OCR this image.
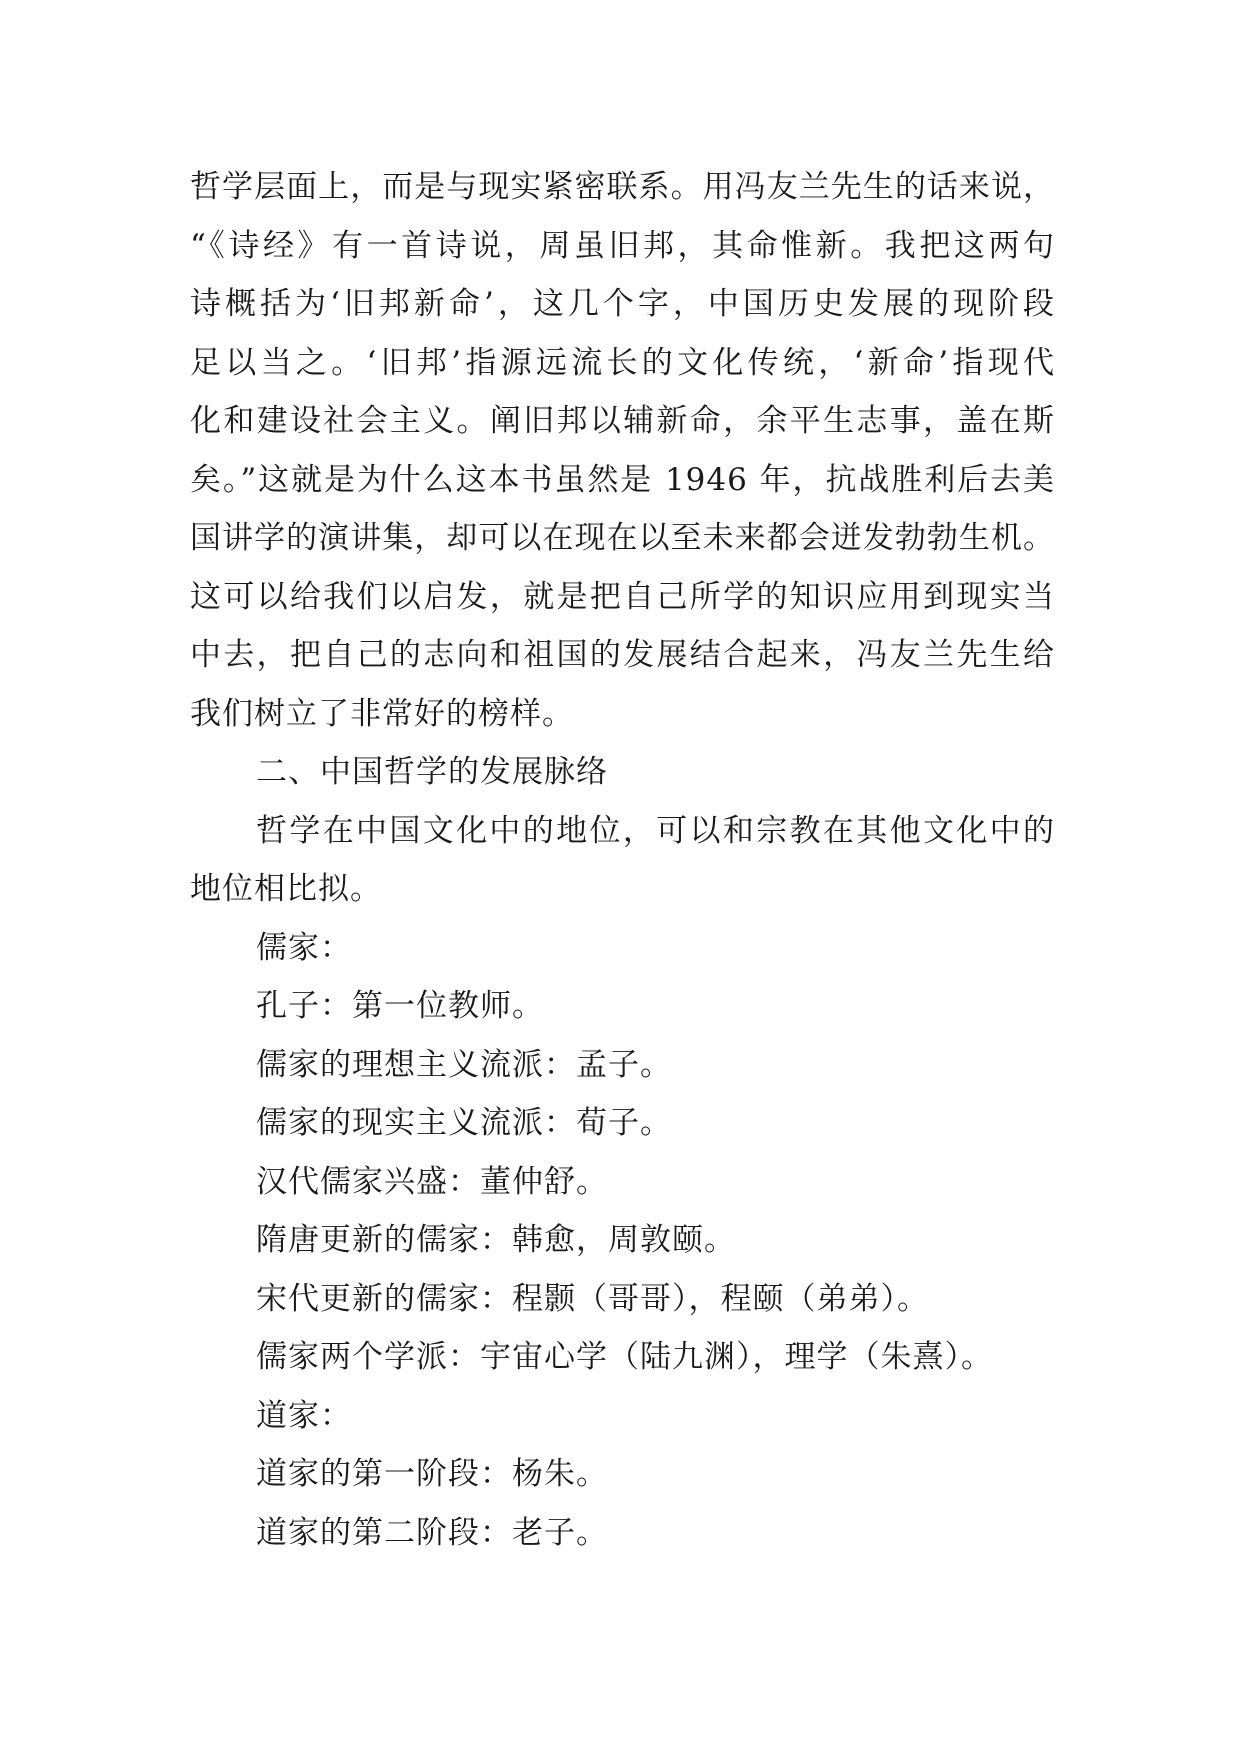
哲学层面上，而是与现实紧密联系。用冯友兰先生的话来说，
“《诗经》有一首诗说，周虽旧邦，其命惟新。我把这两句
诗概括为‘旧邦新命’，这几个字，中国历史发展的现阶段
足以当之。‘旧邦’指源远流长的文化传统，‘新命’指现代
化和建设社会主义。阐旧邦以辅新命，余平生志事，盖在斯
矣。”这就是为什么这本书虽然是 1946 年，抗战胜利后去美
国讲学的演讲集，却可以在现在以至未来都会迸发勃勃生机。
这可以给我们以启发，就是把自己所学的知识应用到现实当
中去，把自己的志向和祖国的发展结合起来，冯友兰先生给
我们树立了非常好的榜样。
二、中国哲学的发展脉络
哲学在中国文化中的地位，可以和宗教在其他文化中的
地位相比拟。
儒家：
孔子：第一位教师。
儒家的理想主义流派：孟子。
儒家的现实主义流派：荀子。
汉代儒家兴盛：董仲舒。
隋唐更新的儒家：韩愈，周敦颐。
宋代更新的儒家：程颢（哥哥），程颐（弟弟）。
儒家两个学派：宇宙心学（陆九渊），理学（朱熹）。
道家：
道家的第一阶段：杨朱。
道家的第二阶段：老子。
